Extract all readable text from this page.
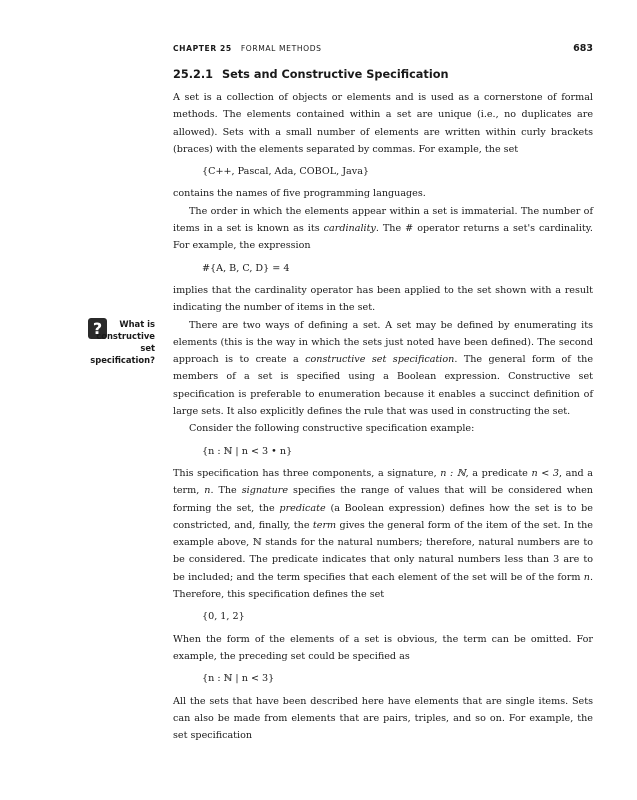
CHAPTER 25 FORMAL METHODS	683
?	What is
constructive
set specification?
25.2.1 Sets and Constructive Specification

A set is a collection of objects or elements and is used as a cornerstone of formal methods. The elements contained within a set are unique (i.e., no duplicates are allowed). Sets with a small number of elements are written within curly brackets (braces) with the elements separated by commas. For example, the set

{C++, Pascal, Ada, COBOL, Java}

contains the names of five programming languages.

The order in which the elements appear within a set is immaterial. The number of items in a set is known as its cardinality. The # operator returns a set's cardinality. For example, the expression

#{A, B, C, D} = 4

implies that the cardinality operator has been applied to the set shown with a result indicating the number of items in the set.

There are two ways of defining a set. A set may be defined by enumerating its elements (this is the way in which the sets just noted have been defined). The second approach is to create a constructive set specification. The general form of the members of a set is specified using a Boolean expression. Constructive set specification is preferable to enumeration because it enables a succinct definition of large sets. It also explicitly defines the rule that was used in constructing the set.

Consider the following constructive specification example:

{n : ℕ | n < 3 • n}

This specification has three components, a signature, n : ℕ, a predicate n < 3, and a term, n. The signature specifies the range of values that will be considered when forming the set, the predicate (a Boolean expression) defines how the set is to be constricted, and, finally, the term gives the general form of the item of the set. In the example above, ℕ stands for the natural numbers; therefore, natural numbers are to be considered. The predicate indicates that only natural numbers less than 3 are to be included; and the term specifies that each element of the set will be of the form n. Therefore, this specification defines the set

{0, 1, 2}

When the form of the elements of a set is obvious, the term can be omitted. For example, the preceding set could be specified as

{n : ℕ | n < 3}

All the sets that have been described here have elements that are single items. Sets can also be made from elements that are pairs, triples, and so on. For example, the set specification
